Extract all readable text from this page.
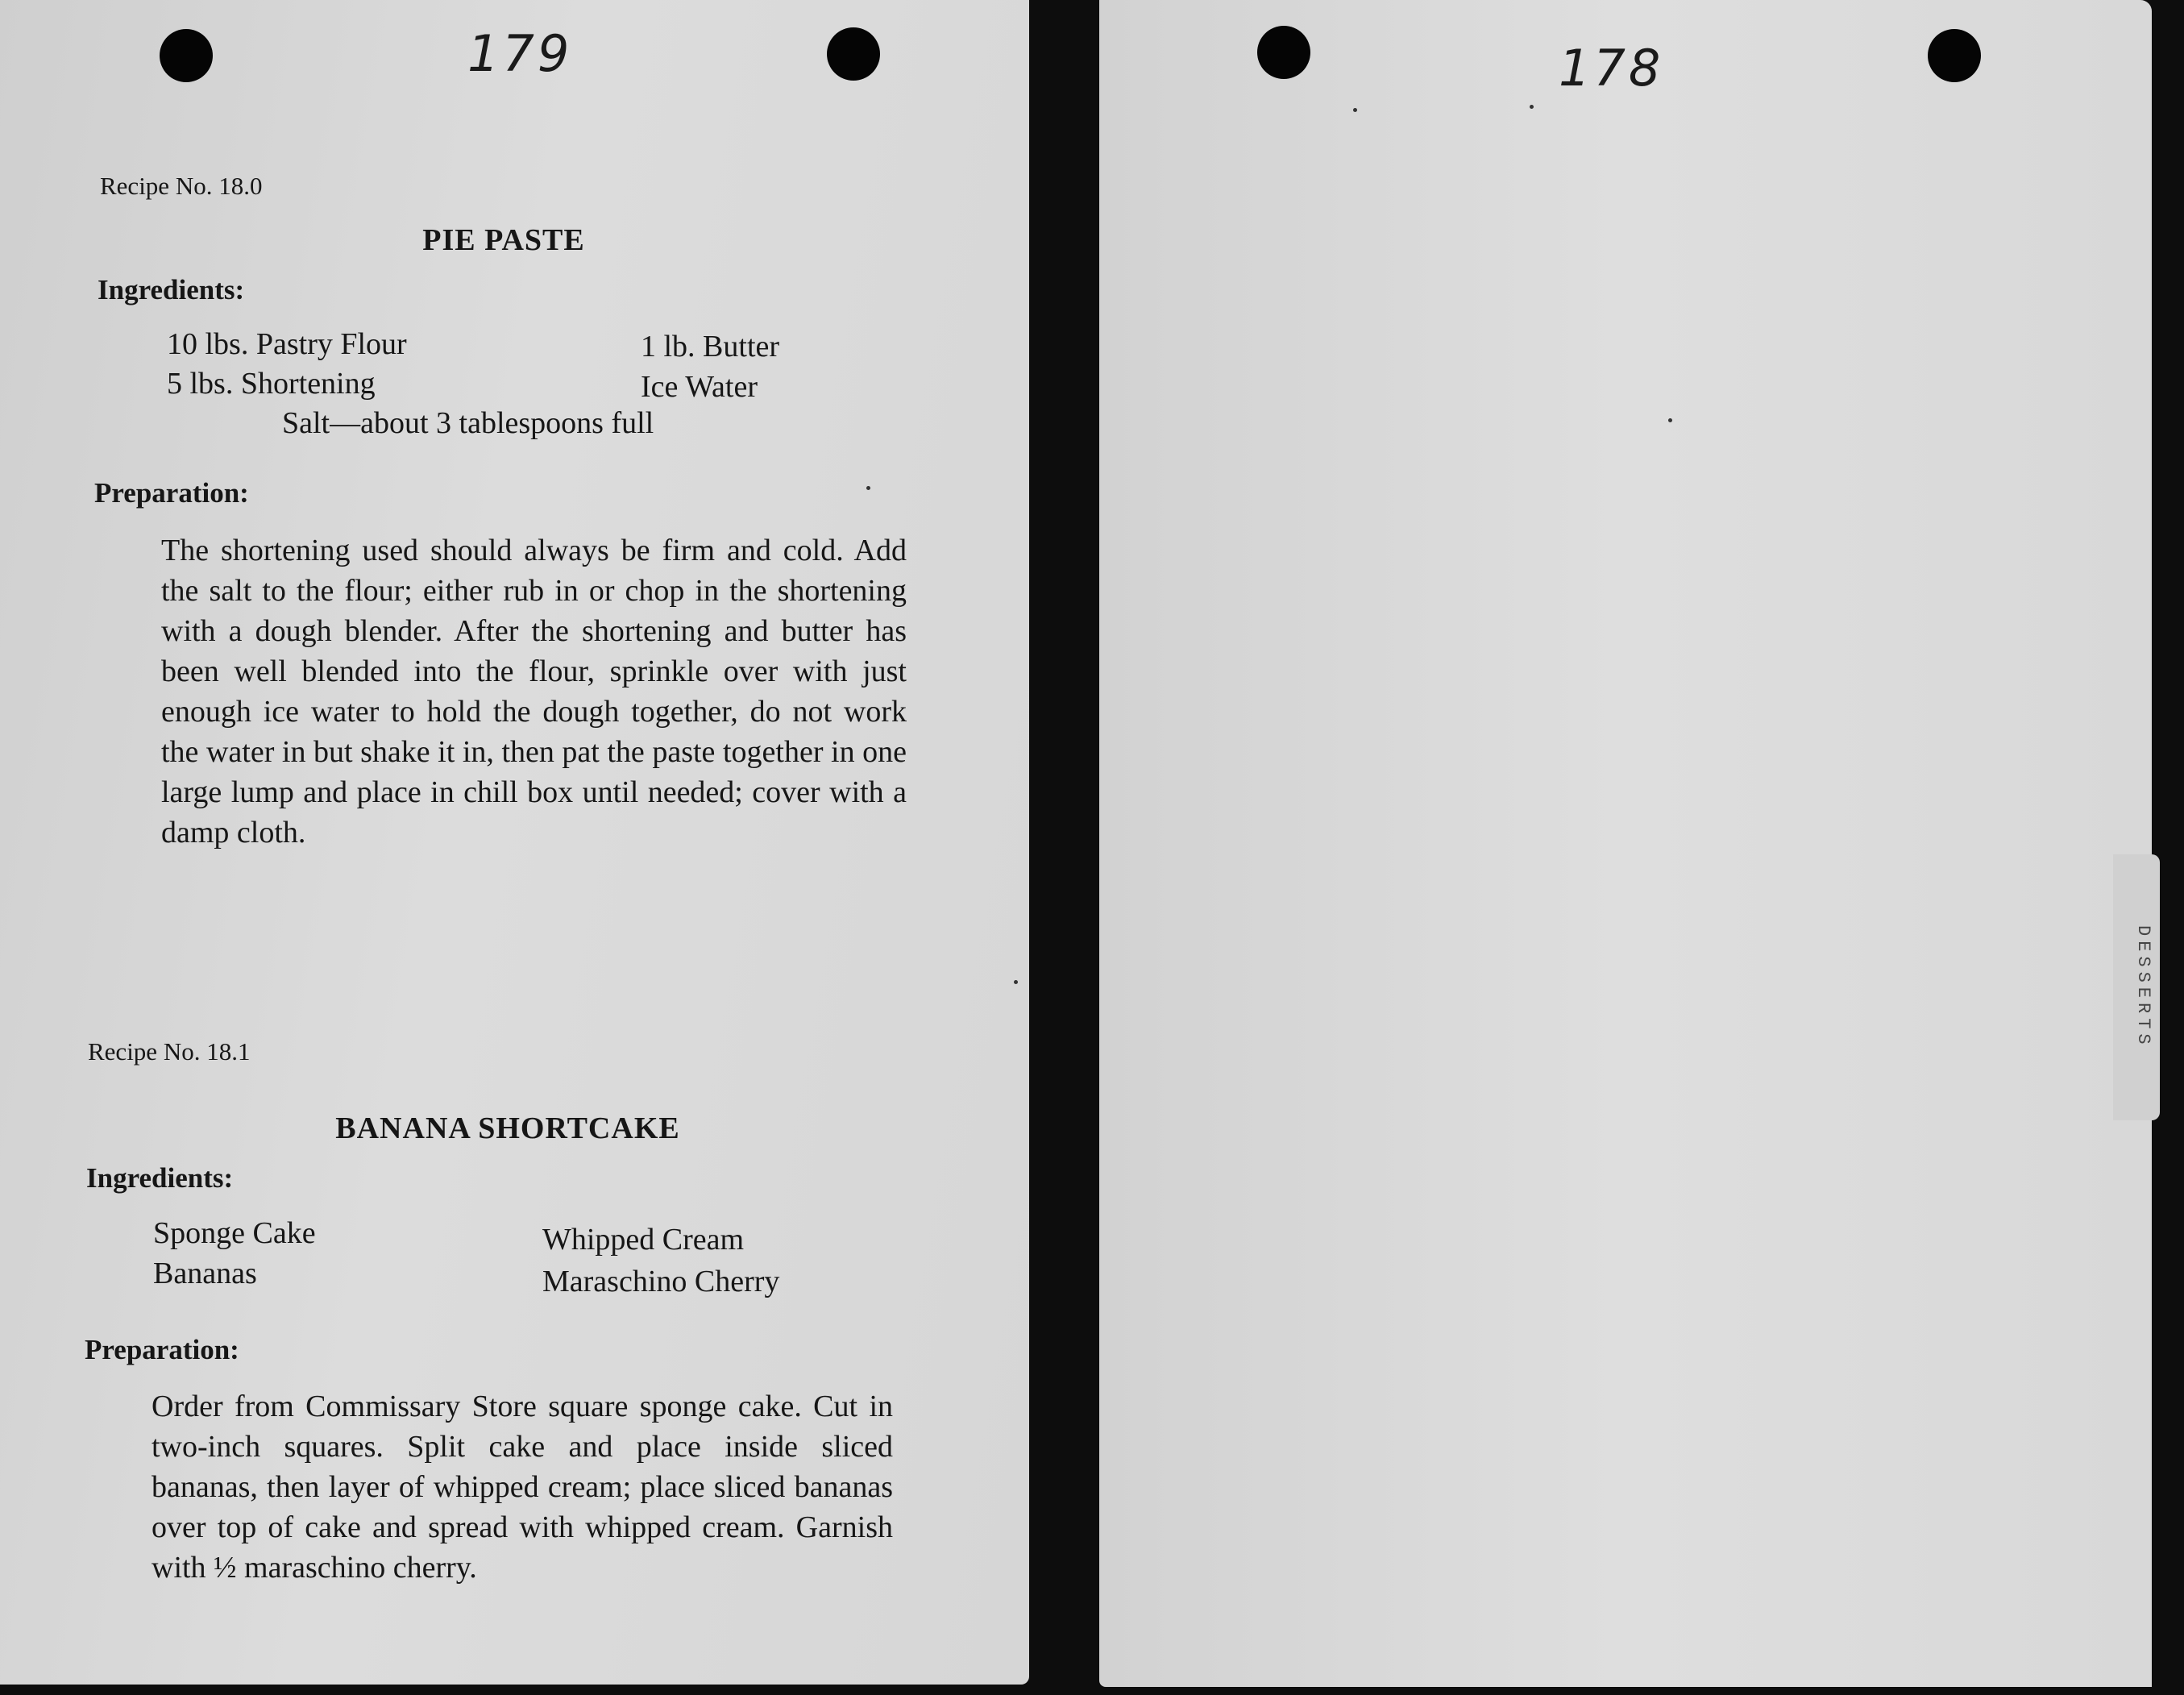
179
Recipe No. 18.0
PIE PASTE
Ingredients:
10 lbs. Pastry Flour
5 lbs. Shortening
1 lb. Butter
Ice Water
Salt—about 3 tablespoons full
Preparation:

The shortening used should always be firm and cold. Add the salt to the flour; either rub in or chop in the shortening with a dough blender. After the shortening and butter has been well blended into the flour, sprinkle over with just enough ice water to hold the dough together, do not work the water in but shake it in, then pat the paste together in one large lump and place in chill box until needed; cover with a damp cloth.

Recipe No. 18.1
BANANA SHORTCAKE
Ingredients:
Sponge Cake
Bananas
Whipped Cream
Maraschino Cherry
Preparation:

Order from Commissary Store square sponge cake. Cut in two-inch squares. Split cake and place inside sliced bananas, then layer of whipped cream; place sliced bananas over top of cake and spread with whipped cream. Garnish with ½ maraschino cherry.

178
DESSERTS
